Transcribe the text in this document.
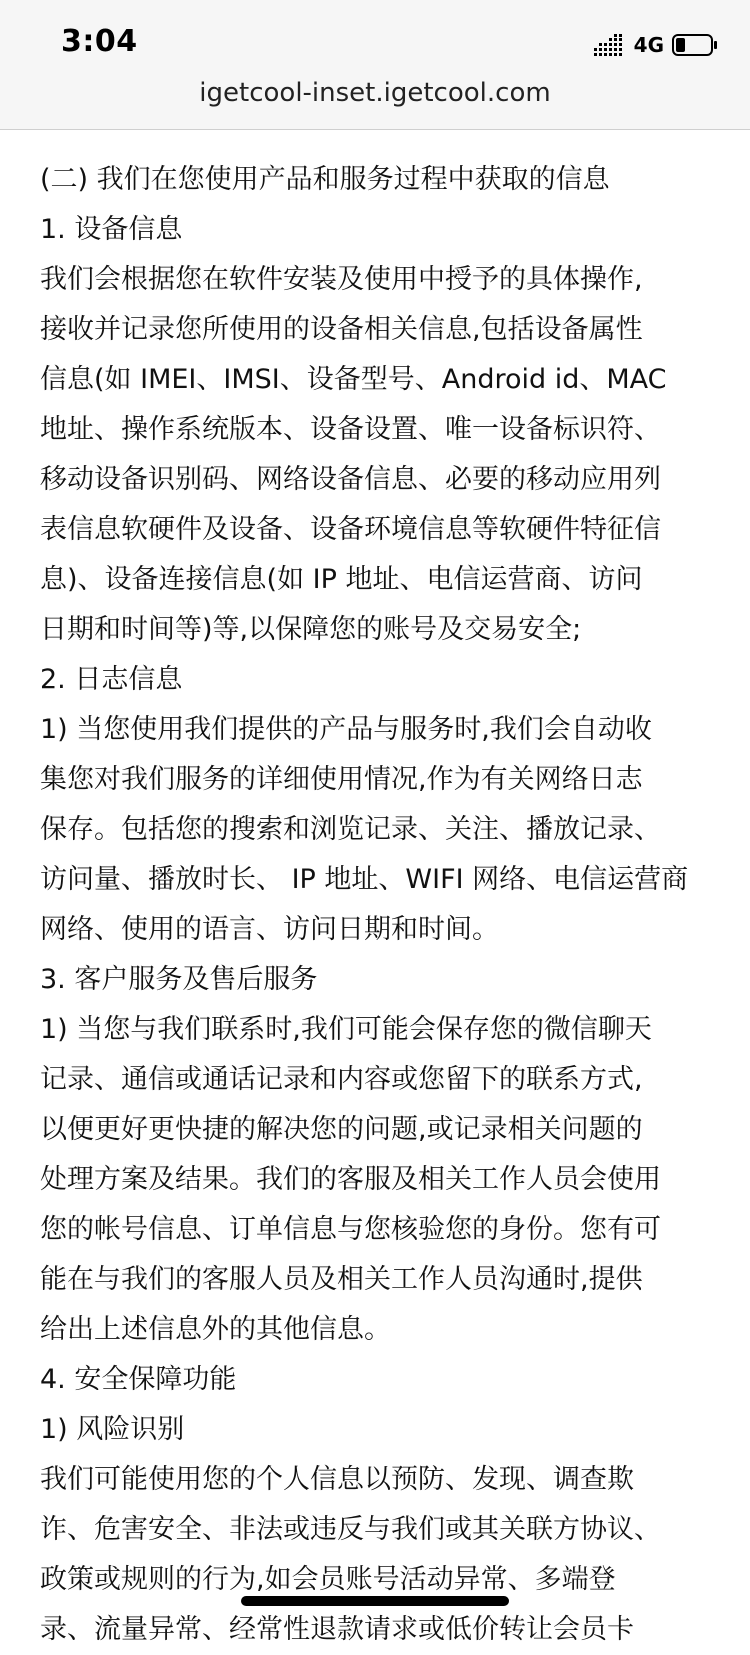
3:04	4G
igetcool-inset.igetcool.com

(二) 我们在您使用产品和服务过程中获取的信息

1. 设备信息

我们会根据您在软件安装及使用中授予的具体操作,

接收并记录您所使用的设备相关信息,包括设备属性

信息(如 IMEI、IMSI、设备型号、Android id、MAC

地址、操作系统版本、设备设置、唯一设备标识符、

移动设备识别码、网络设备信息、必要的移动应用列

表信息软硬件及设备、设备环境信息等软硬件特征信

息)、设备连接信息(如 IP 地址、电信运营商、访问

日期和时间等)等,以保障您的账号及交易安全;

2. 日志信息

1) 当您使用我们提供的产品与服务时,我们会自动收

集您对我们服务的详细使用情况,作为有关网络日志

保存。包括您的搜索和浏览记录、关注、播放记录、

访问量、播放时长、 IP 地址、WIFI 网络、电信运营商

网络、使用的语言、访问日期和时间。

3. 客户服务及售后服务

1) 当您与我们联系时,我们可能会保存您的微信聊天

记录、通信或通话记录和内容或您留下的联系方式,

以便更好更快捷的解决您的问题,或记录相关问题的

处理方案及结果。我们的客服及相关工作人员会使用

您的帐号信息、订单信息与您核验您的身份。您有可

能在与我们的客服人员及相关工作人员沟通时,提供

给出上述信息外的其他信息。

4. 安全保障功能

1) 风险识别

我们可能使用您的个人信息以预防、发现、调查欺

诈、危害安全、非法或违反与我们或其关联方协议、

政策或规则的行为,如会员账号活动异常、多端登

录、流量异常、经常性退款请求或低价转让会员卡
